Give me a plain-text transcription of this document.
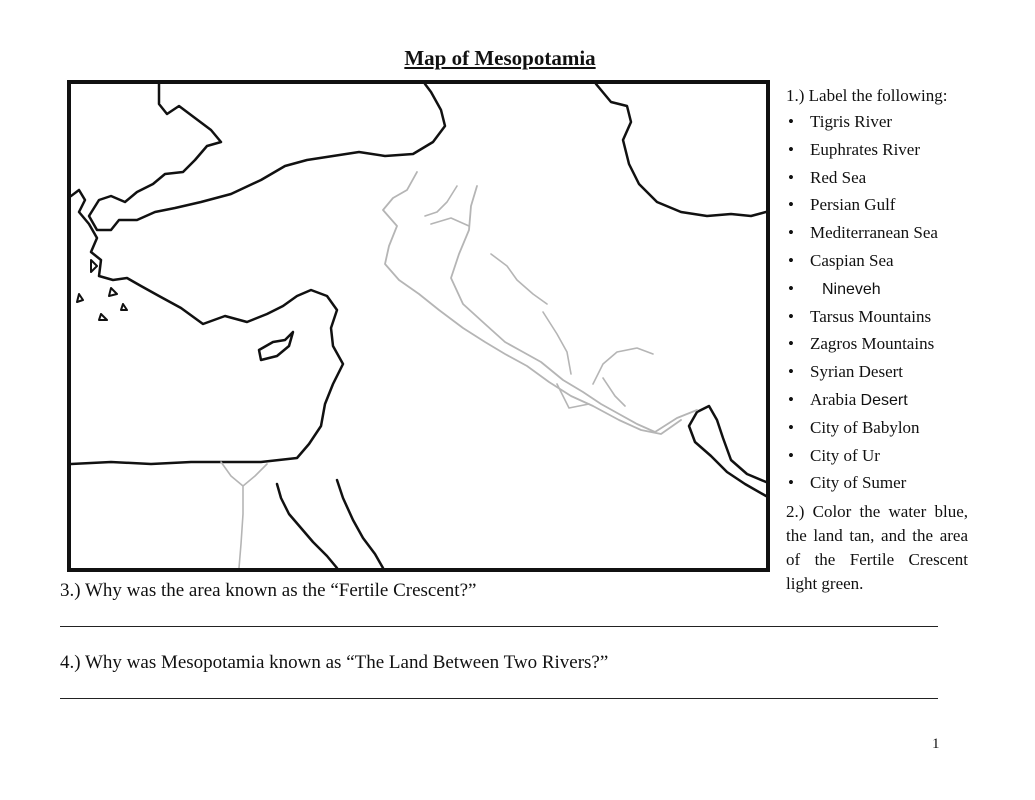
Map of Mesopotamia
1.) Label the following:
• Tigris River
• Euphrates River
• Red Sea
• Persian Gulf
• Mediterranean Sea
• Caspian Sea
• Nineveh
• Tarsus Mountains
• Zagros Mountains
• Syrian Desert
• Arabia Desert
• City of Babylon
• City of Ur
• City of Sumer
2.) Color the water blue, the land tan, and the area of the Fertile Crescent light green.
3.) Why was the area known as the “Fertile Crescent?”
4.) Why was Mesopotamia known as “The Land Between Two Rivers?”
1
